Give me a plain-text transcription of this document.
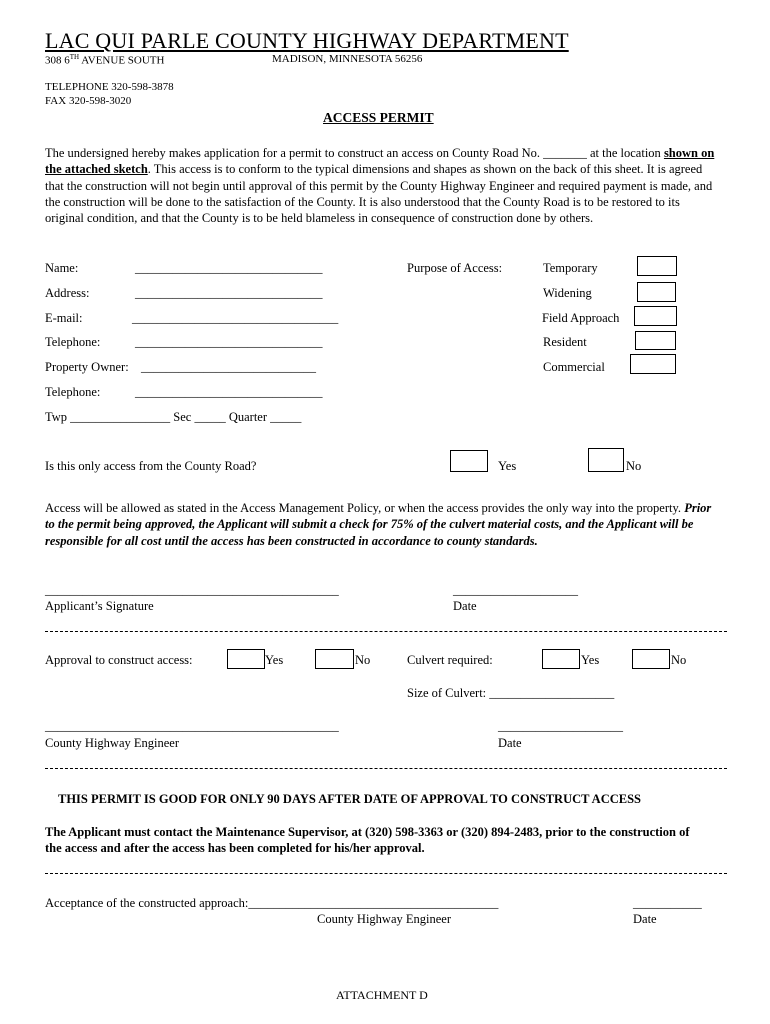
LAC QUI PARLE COUNTY HIGHWAY DEPARTMENT
308 6TH AVENUE SOUTH	MADISON, MINNESOTA 56256
TELEPHONE 320-598-3878
FAX 320-598-3020
ACCESS PERMIT
The undersigned hereby makes application for a permit to construct an access on County Road No. _______ at the location shown on the attached sketch. This access is to conform to the typical dimensions and shapes as shown on the back of this sheet. It is agreed that the construction will not begin until approval of this permit by the County Highway Engineer and required payment is made, and the construction will be done to the satisfaction of the County. It is also understood that the County Road is to be restored to its original condition, and that the County is to be held blameless in consequence of construction done by others.
Name:	______________________________
Address:	______________________________
E-mail:	_________________________________
Telephone:	______________________________
Property Owner: ____________________________
Telephone:	______________________________
Twp ________________ Sec _____ Quarter _____
Purpose of Access:	Temporary
Widening
Field Approach
Resident
Commercial
Is this only access from the County Road?	Yes	No
Access will be allowed as stated in the Access Management Policy, or when the access provides the only way into the property. Prior to the permit being approved, the Applicant will submit a check for 75% of the culvert material costs, and the Applicant will be responsible for all cost until the access has been constructed in accordance to county standards.
_______________________________________________
Applicant’s Signature
____________________
Date
Approval to construct access:	Yes	No	Culvert required:	Yes	No
Size of Culvert: ____________________
_______________________________________________
County Highway Engineer
____________________
Date
THIS PERMIT IS GOOD FOR ONLY 90 DAYS AFTER DATE OF APPROVAL TO CONSTRUCT ACCESS
The Applicant must contact the Maintenance Supervisor, at (320) 598-3363 or (320) 894-2483, prior to the construction of the access and after the access has been completed for his/her approval.
Acceptance of the constructed approach:________________________________________
County Highway Engineer
___________
Date
ATTACHMENT D
